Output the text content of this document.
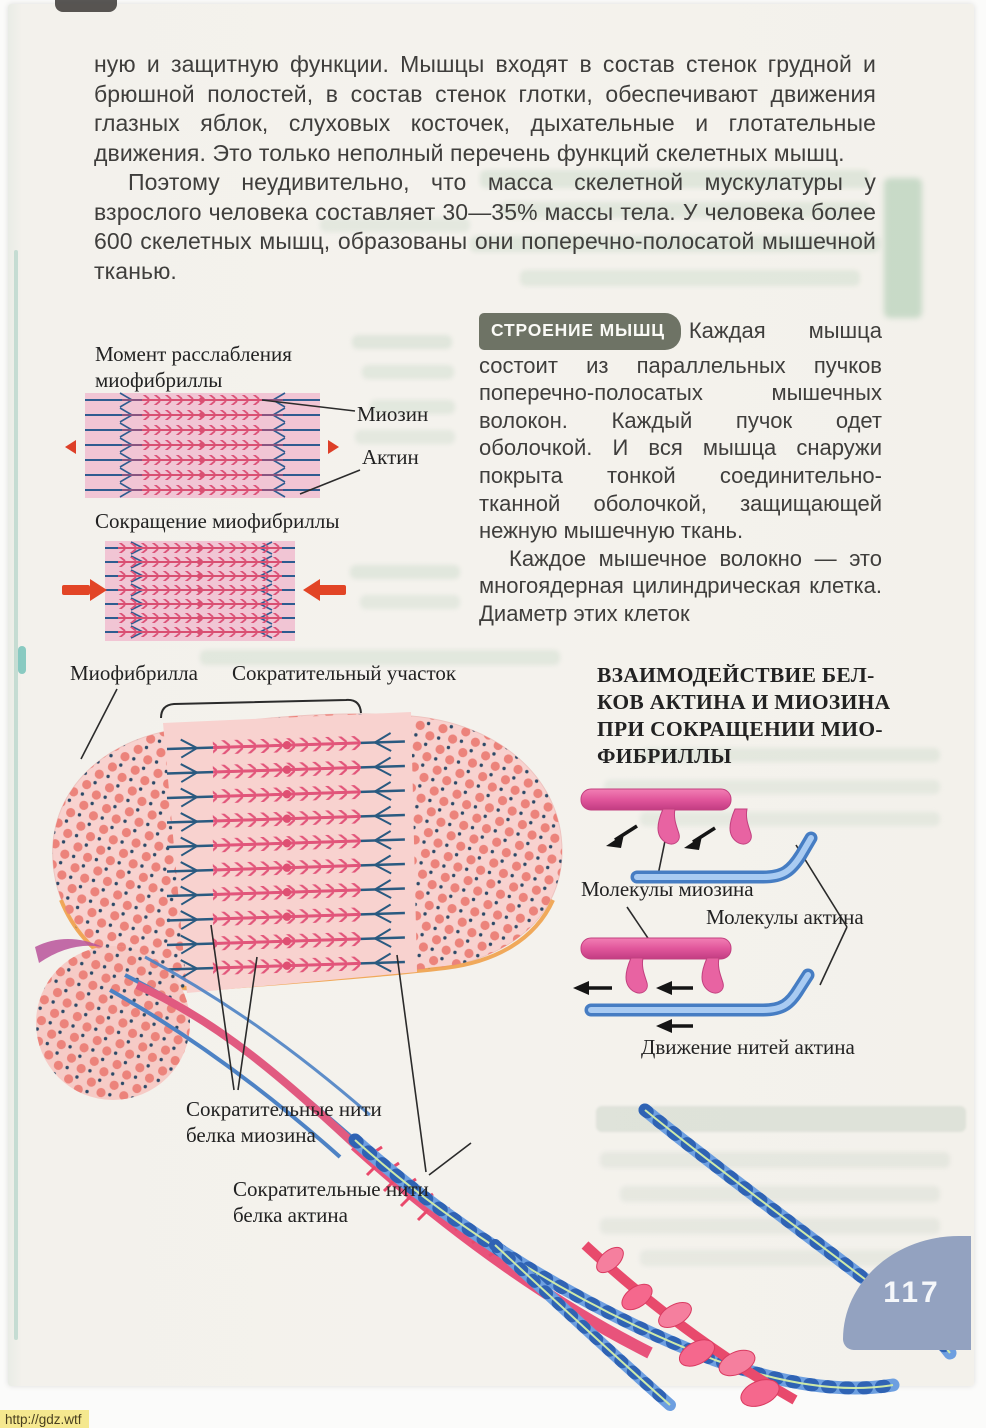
ную и защитную функции. Мышцы входят в состав стенок грудной и брюшной полостей, в состав стенок глотки, обеспечивают движения глазных яблок, слуховых косточек, дыхательные и глотательные движения. Это только неполный перечень функций скелетных мышц.

Поэтому неудивительно, что масса скелетной мускулатуры у взрослого человека составляет 30—35% массы тела. У человека более 600 скелетных мышц, образованы они поперечно-полосатой мышечной тканью.

Момент расслабления миофибриллы
Миозин
Актин
Сокращение миофибриллы

СТРОЕНИЕ МЫШЦ Каждая мышца состоит из параллельных пучков поперечно-полосатых мышечных волокон. Каждый пучок одет оболочкой. И вся мышца снаружи покрыта тонкой соединительно-тканной оболочкой, защищающей нежную мышечную ткань.

Каждое мышечное волокно — это многоядерная цилиндрическая клетка. Диаметр этих клеток

Миофибрилла Сократительный участок	ВЗАИМОДЕЙСТВИЕ БЕЛ-
КОВ АКТИНА И МИОЗИНА
ПРИ СОКРАЩЕНИИ МИО-
ФИБРИЛЛЫ
Молекулы миозина
Молекулы актина
Движение нитей актина
Сократительные нити белка миозина
Сократительные нити белка актина
117
http://gdz.wtf
